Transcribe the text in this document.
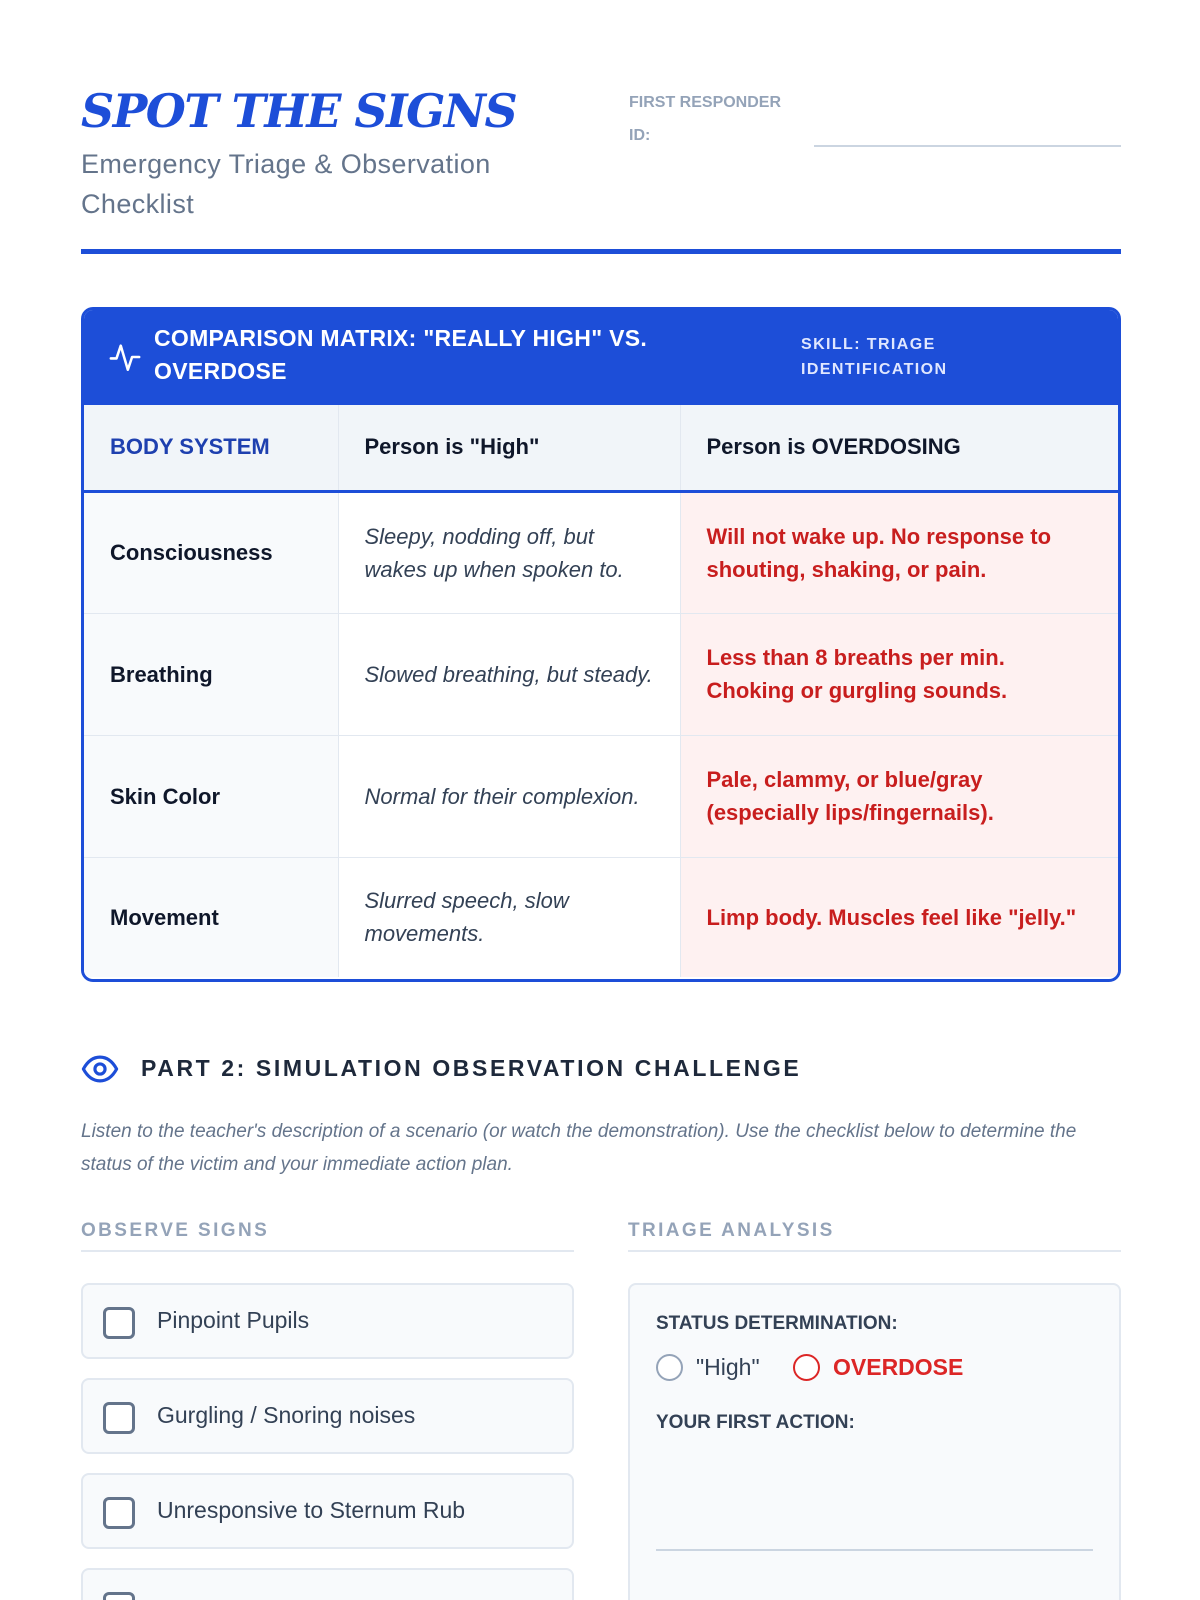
SPOT THE SIGNS
Emergency Triage & Observation Checklist
FIRST RESPONDER ID:
COMPARISON MATRIX: "REALLY HIGH" VS. OVERDOSE
SKILL: TRIAGE IDENTIFICATION
BODY SYSTEM	Person is "High"	Person is OVERDOSING
Consciousness	Sleepy, nodding off, but wakes up when spoken to.	Will not wake up. No response to shouting, shaking, or pain.
Breathing	Slowed breathing, but steady.	Less than 8 breaths per min. Choking or gurgling sounds.
Skin Color	Normal for their complexion.	Pale, clammy, or blue/gray (especially lips/fingernails).
Movement	Slurred speech, slow movements.	Limp body. Muscles feel like "jelly."
PART 2: SIMULATION OBSERVATION CHALLENGE
Listen to the teacher's description of a scenario (or watch the demonstration). Use the checklist below to determine the status of the victim and your immediate action plan.
OBSERVE SIGNS
Pinpoint Pupils
Gurgling / Snoring noises
Unresponsive to Sternum Rub
TRIAGE ANALYSIS
STATUS DETERMINATION:
"High"	OVERDOSE
YOUR FIRST ACTION:
